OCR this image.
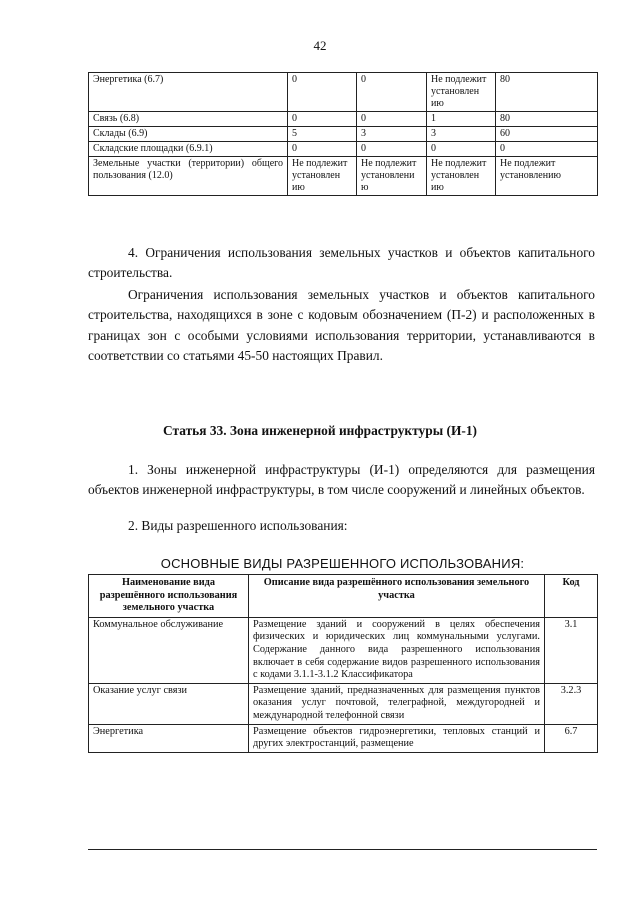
42
Энергетика (6.7)	0	0	Не подлежит установлен ию	80
Связь (6.8)	0	0	1	80
Склады (6.9)	5	3	3	60
Складские площадки (6.9.1)	0	0	0	0
Земельные участки (территории) общего пользования (12.0)	Не подлежит установлен ию	Не подлежит установлени ю	Не подлежит установлен ию	Не подлежит установлению

4. Ограничения использования земельных участков и объектов капитального строительства.

Ограничения использования земельных участков и объектов капитального строительства, находящихся в зоне с кодовым обозначением (П-2) и расположенных в границах зон с особыми условиями использования территории, устанавливаются в соответствии со статьями 45-50 настоящих Правил.

Статья 33. Зона инженерной инфраструктуры (И-1)

1. Зоны инженерной инфраструктуры (И-1) определяются для размещения объектов инженерной инфраструктуры, в том числе сооружений и линейных объектов.

2. Виды разрешенного использования:

ОСНОВНЫЕ ВИДЫ РАЗРЕШЕННОГО ИСПОЛЬЗОВАНИЯ:
Наименование вида разрешённого использования земельного участка	Описание вида разрешённого использования земельного участка	Код
Коммунальное обслуживание	Размещение зданий и сооружений в целях обеспечения физических и юридических лиц коммунальными услугами. Содержание данного вида разрешенного использования включает в себя содержание видов разрешенного использования с кодами 3.1.1-3.1.2 Классификатора	3.1
Оказание услуг связи	Размещение зданий, предназначенных для размещения пунктов оказания услуг почтовой, телеграфной, междугородней и международной телефонной связи	3.2.3
Энергетика	Размещение объектов гидроэнергетики, тепловых станций и других электростанций, размещение	6.7
